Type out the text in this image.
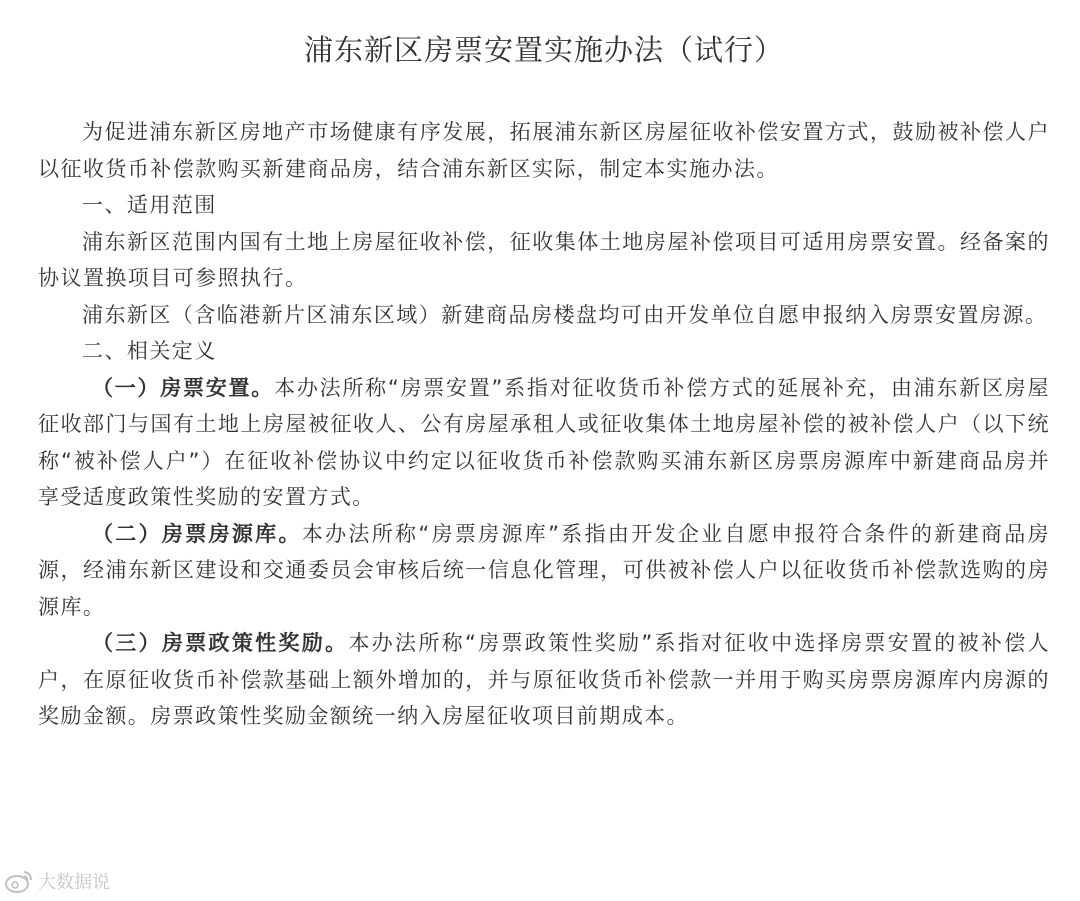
浦东新区房票安置实施办法（试行）

为促进浦东新区房地产市场健康有序发展，拓展浦东新区房屋征收补偿安置方式，鼓励被补偿人户以征收货币补偿款购买新建商品房，结合浦东新区实际，制定本实施办法。

一、适用范围

浦东新区范围内国有土地上房屋征收补偿，征收集体土地房屋补偿项目可适用房票安置。经备案的协议置换项目可参照执行。

浦东新区（含临港新片区浦东区域）新建商品房楼盘均可由开发单位自愿申报纳入房票安置房源。

二、相关定义

（一）房票安置。本办法所称“房票安置”系指对征收货币补偿方式的延展补充，由浦东新区房屋征收部门与国有土地上房屋被征收人、公有房屋承租人或征收集体土地房屋补偿的被补偿人户（以下统称“被补偿人户”）在征收补偿协议中约定以征收货币补偿款购买浦东新区房票房源库中新建商品房并享受适度政策性奖励的安置方式。

（二）房票房源库。本办法所称“房票房源库”系指由开发企业自愿申报符合条件的新建商品房源，经浦东新区建设和交通委员会审核后统一信息化管理，可供被补偿人户以征收货币补偿款选购的房源库。

（三）房票政策性奖励。本办法所称“房票政策性奖励”系指对征收中选择房票安置的被补偿人户，在原征收货币补偿款基础上额外增加的，并与原征收货币补偿款一并用于购买房票房源库内房源的奖励金额。房票政策性奖励金额统一纳入房屋征收项目前期成本。

大数据说
